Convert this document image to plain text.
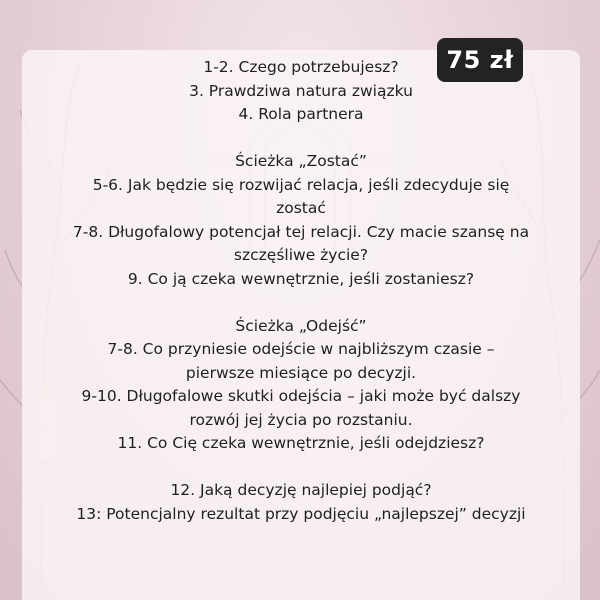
1-2. Czego potrzebujesz?

3. Prawdziwa natura związku

4. Rola partnera

Ścieżka „Zostać”

5-6. Jak będzie się rozwijać relacja, jeśli zdecyduje się

zostać

7-8. Długofalowy potencjał tej relacji. Czy macie szansę na

szczęśliwe życie?

9. Co ją czeka wewnętrznie, jeśli zostaniesz?

Ścieżka „Odejść”

7-8. Co przyniesie odejście w najbliższym czasie –

pierwsze miesiące po decyzji.

9-10. Długofalowe skutki odejścia – jaki może być dalszy

rozwój jej życia po rozstaniu.

11. Co Cię czeka wewnętrznie, jeśli odejdziesz?

12. Jaką decyzję najlepiej podjąć?

13: Potencjalny rezultat przy podjęciu „najlepszej” decyzji

75 zł
